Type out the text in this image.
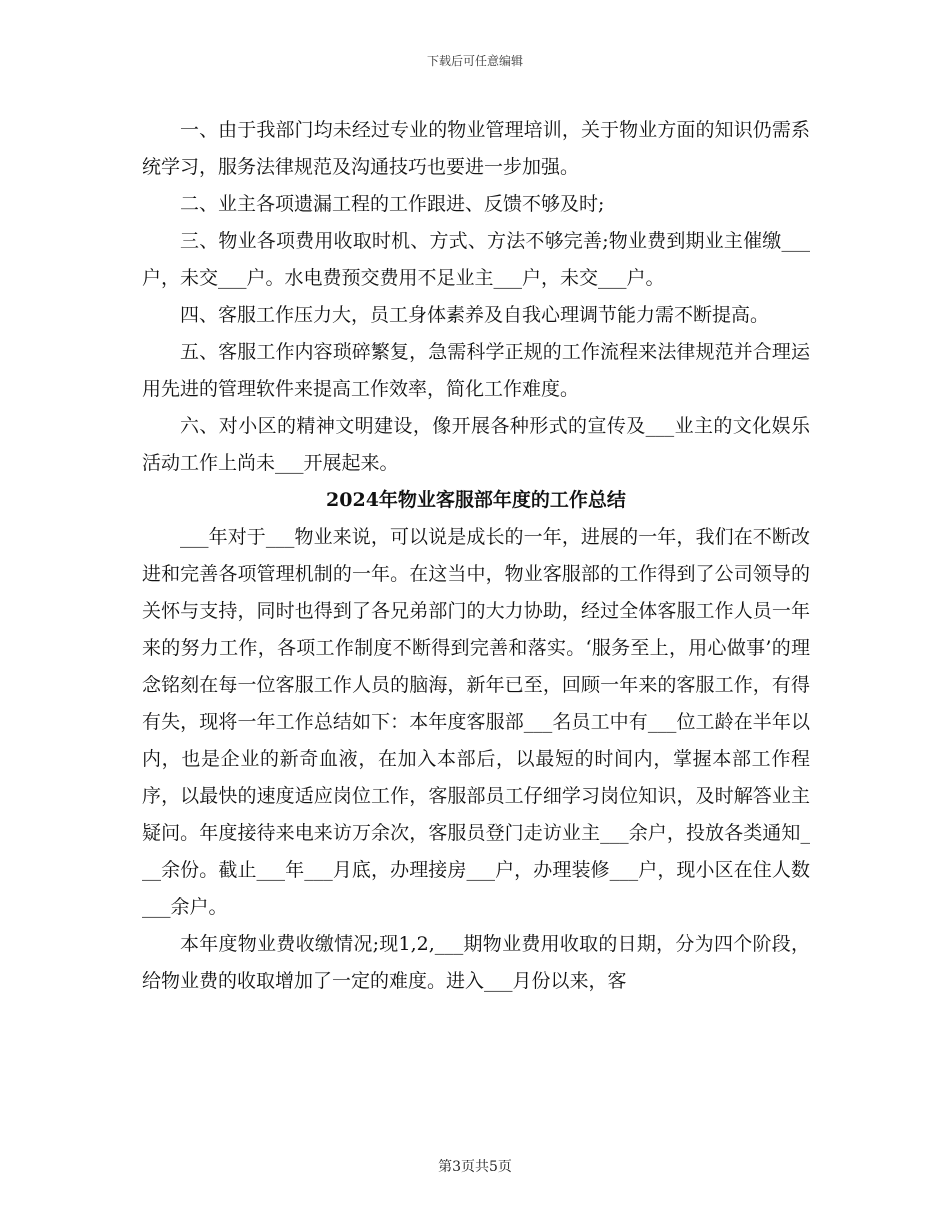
下载后可任意编辑

一、由于我部门均未经过专业的物业管理培训，关于物业方面的知识仍需系统学习，服务法律规范及沟通技巧也要进一步加强。

二、业主各项遗漏工程的工作跟进、反馈不够及时;

三、物业各项费用收取时机、方式、方法不够完善;物业费到期业主催缴___户，未交___户。水电费预交费用不足业主___户，未交___户。

四、客服工作压力大，员工身体素养及自我心理调节能力需不断提高。

五、客服工作内容琐碎繁复，急需科学正规的工作流程来法律规范并合理运用先进的管理软件来提高工作效率，简化工作难度。

六、对小区的精神文明建设，像开展各种形式的宣传及___业主的文化娱乐活动工作上尚未___开展起来。

2024年物业客服部年度的工作总结

___年对于___物业来说，可以说是成长的一年，进展的一年，我们在不断改进和完善各项管理机制的一年。在这当中，物业客服部的工作得到了公司领导的关怀与支持，同时也得到了各兄弟部门的大力协助，经过全体客服工作人员一年来的努力工作，各项工作制度不断得到完善和落实。‘服务至上，用心做事’的理念铭刻在每一位客服工作人员的脑海，新年已至，回顾一年来的客服工作，有得有失，现将一年工作总结如下：本年度客服部___名员工中有___位工龄在半年以内，也是企业的新奇血液，在加入本部后，以最短的时间内，掌握本部工作程序，以最快的速度适应岗位工作，客服部员工仔细学习岗位知识，及时解答业主疑问。年度接待来电来访万余次，客服员登门走访业主___余户，投放各类通知___余份。截止___年___月底，办理接房___户，办理装修___户，现小区在住人数___余户。

本年度物业费收缴情况;现1,2,___期物业费用收取的日期，分为四个阶段，给物业费的收取增加了一定的难度。进入___月份以来，客

第3页共5页
